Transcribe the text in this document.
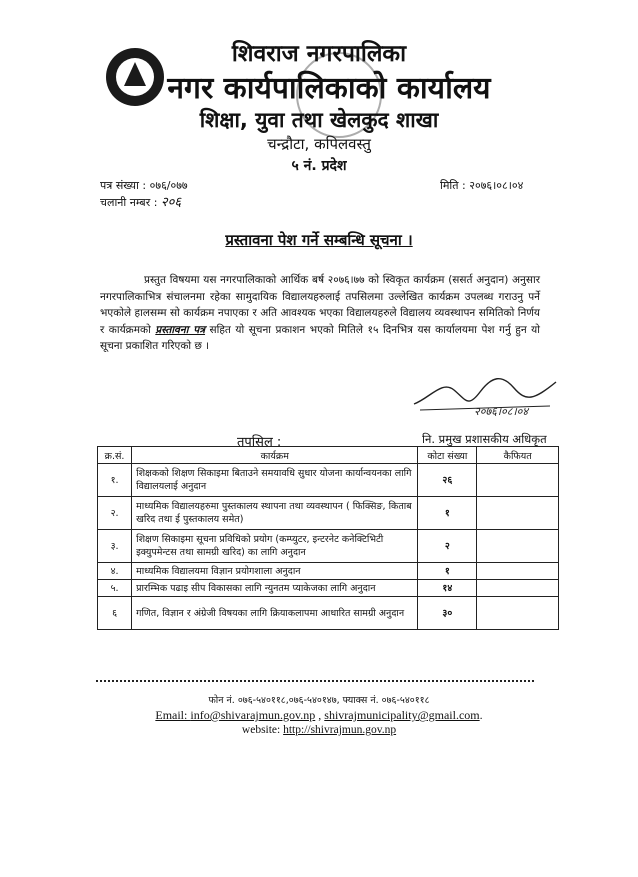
शिवराज नगरपालिका
नगर कार्यपालिकाको कार्यालय
शिक्षा, युवा तथा खेलकुद शाखा
चन्द्रौटा, कपिलवस्तु
५ नं. प्रदेश
पत्र संख्या : ०७६/०७७
चलानी नम्बर : २०६
मिति : २०७६।०८।०४
प्रस्तावना पेश गर्ने सम्बन्धि सूचना ।
प्रस्तुत विषयमा यस नगरपालिकाको आर्थिक बर्ष २०७६।७७ को स्विकृत कार्यक्रम (ससर्त अनुदान) अनुसार नगरपालिकाभित्र संचालनमा रहेका सामुदायिक विद्यालयहरुलाई तपसिलमा उल्लेखित कार्यक्रम उपलब्ध गराउनु पर्ने भएकोले हालसम्म सो कार्यक्रम नपाएका र अति आवश्यक भएका विद्यालयहरुले विद्यालय व्यवस्थापन समितिको निर्णय र कार्यक्रमको प्रस्तावना पत्र सहित यो सूचना प्रकाशन भएको मितिले १५ दिनभित्र यस कार्यालयमा पेश गर्नु हुन यो सूचना प्रकाशित गरिएको छ ।
२०७६।०८।०४
नि. प्रमुख प्रशासकीय अधिकृत
तपसिल :
क्र.सं.	कार्यक्रम	कोटा संख्या	कैफियत
१.	शिक्षकको शिक्षण सिकाइमा बिताउने समयावधि सुधार योजना कार्यान्वयनका लागि विद्यालयलाई अनुदान	२६	
२.	माध्यमिक विद्यालयहरुमा पुस्तकालय स्थापना तथा व्यवस्थापन ( फिक्सिङ, किताब खरिद तथा ई पुस्तकालय समेत)	१	
३.	शिक्षण सिकाइमा सूचना प्रविधिको प्रयोग (कम्प्युटर, इन्टरनेट कनेक्टिभिटी इक्युपमेन्टस तथा सामग्री खरिद) का लागि अनुदान	२	
४.	माध्यमिक विद्यालयमा विज्ञान प्रयोगशाला अनुदान	१	
५.	प्रारम्भिक पढाइ सीप विकासका लागि न्युनतम प्याकेजका लागि अनुदान	१४	
६	गणित, विज्ञान र अंग्रेजी विषयका लागि क्रियाकलापमा आधारित सामग्री अनुदान	३०	
फोन नं. ०७६-५४०११८,०७६-५४०१४७, फ्याक्स नं. ०७६-५४०११८
Email: info@shivarajmun.gov.np , shivrajmunicipality@gmail.com.
website: http://shivrajmun.gov.np
